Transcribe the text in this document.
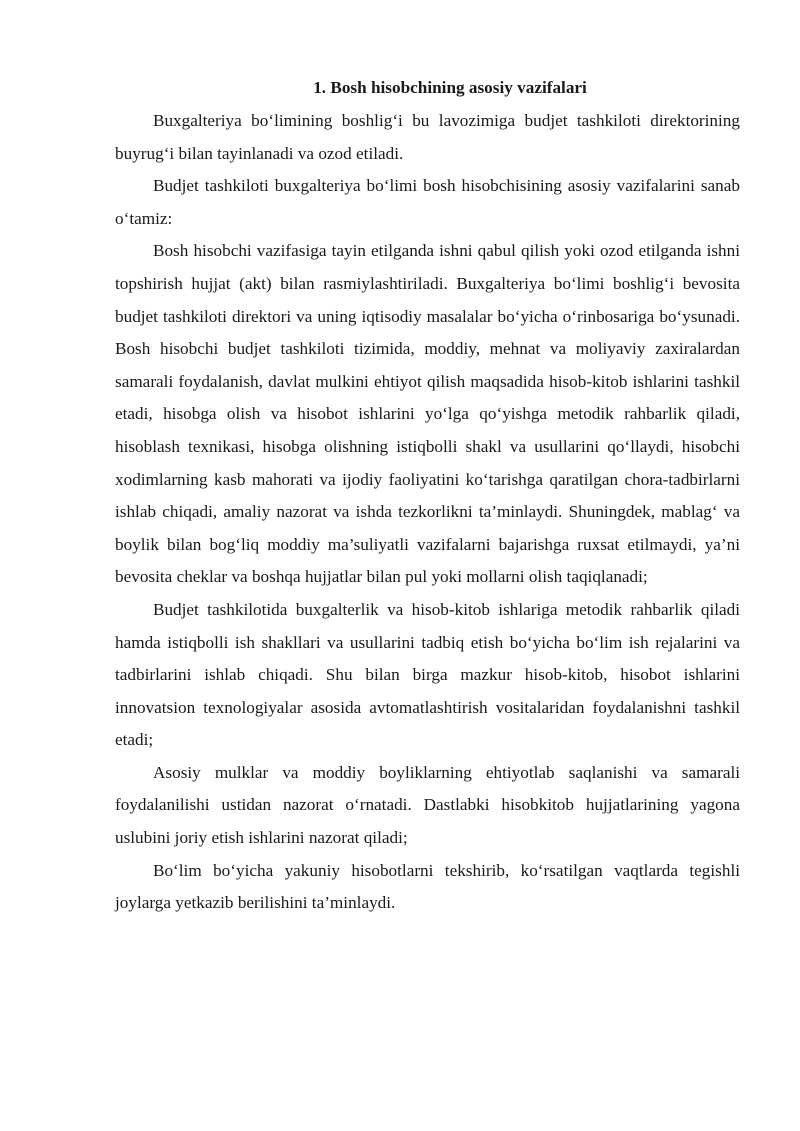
1. Bosh hisobchining asosiy vazifalari

Buxgalteriya bo‘limining boshlig‘i bu lavozimiga budjet tashkiloti direktorining buyrug‘i bilan tayinlanadi va ozod etiladi.

Budjet tashkiloti buxgalteriya bo‘limi bosh hisobchisining asosiy vazifalarini sanab o‘tamiz:

Bosh hisobchi vazifasiga tayin etilganda ishni qabul qilish yoki ozod etilganda ishni topshirish hujjat (akt) bilan rasmiylashtiriladi. Buxgalteriya bo‘limi boshlig‘i bevosita budjet tashkiloti direktori va uning iqtisodiy masalalar bo‘yicha o‘rinbosariga bo‘ysunadi. Bosh hisobchi budjet tashkiloti tizimida, moddiy, mehnat va moliyaviy zaxiralardan samarali foydalanish, davlat mulkini ehtiyot qilish maqsadida hisob-kitob ishlarini tashkil etadi, hisobga olish va hisobot ishlarini yo‘lga qo‘yishga metodik rahbarlik qiladi, hisoblash texnikasi, hisobga olishning istiqbolli shakl va usullarini qo‘llaydi, hisobchi xodimlarning kasb mahorati va ijodiy faoliyatini ko‘tarishga qaratilgan chora-tadbirlarni ishlab chiqadi, amaliy nazorat va ishda tezkorlikni ta’minlaydi. Shuningdek, mablag‘ va boylik bilan bog‘liq moddiy ma’suliyatli vazifalarni bajarishga ruxsat etilmaydi, ya’ni bevosita cheklar va boshqa hujjatlar bilan pul yoki mollarni olish taqiqlanadi;

Budjet tashkilotida buxgalterlik va hisob-kitob ishlariga metodik rahbarlik qiladi hamda istiqbolli ish shakllari va usullarini tadbiq etish bo‘yicha bo‘lim ish rejalarini va tadbirlarini ishlab chiqadi. Shu bilan birga mazkur hisob-kitob, hisobot ishlarini innovatsion texnologiyalar asosida avtomatlashtirish vositalaridan foydalanishni tashkil etadi;

Asosiy mulklar va moddiy boyliklarning ehtiyotlab saqlanishi va samarali foydalanilishi ustidan nazorat o‘rnatadi. Dastlabki hisobkitob hujjatlarining yagona uslubini joriy etish ishlarini nazorat qiladi;

Bo‘lim bo‘yicha yakuniy hisobotlarni tekshirib, ko‘rsatilgan vaqtlarda tegishli joylarga yetkazib berilishini ta’minlaydi.
